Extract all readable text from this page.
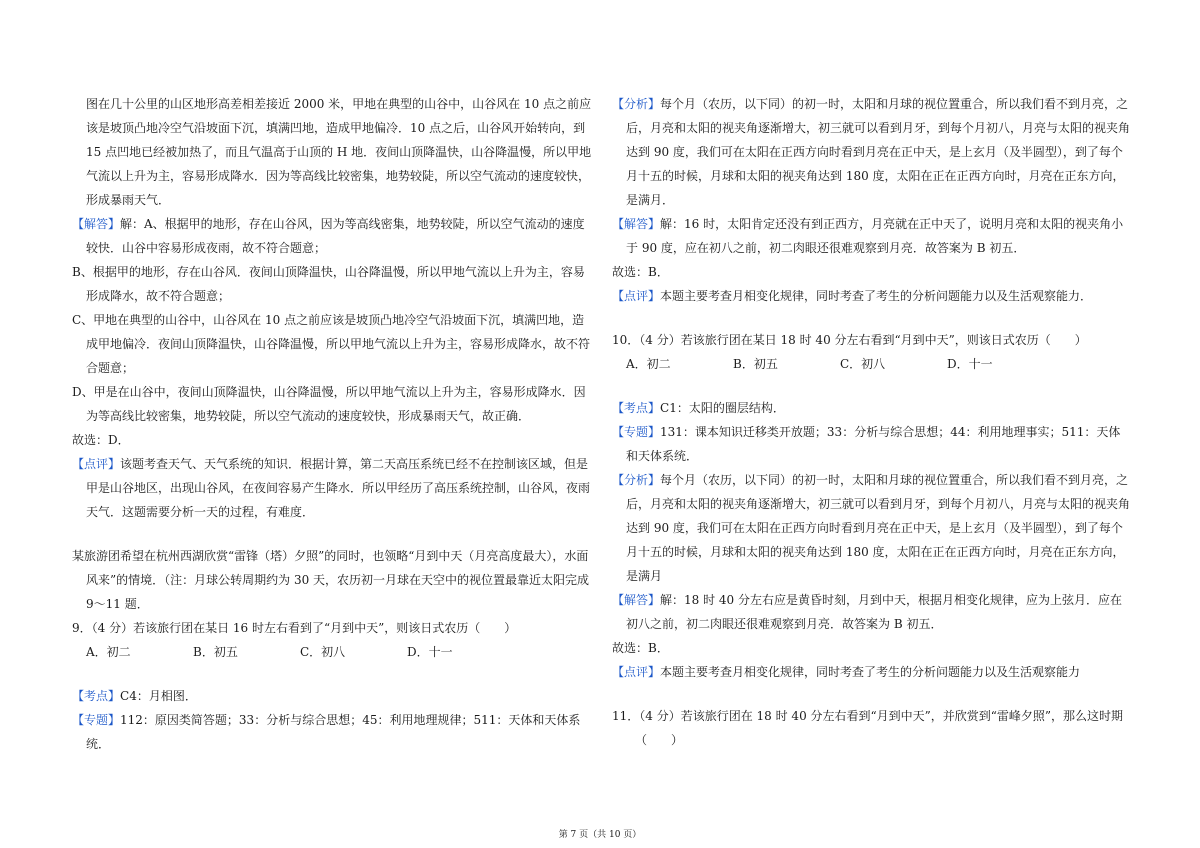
图在几十公里的山区地形高差相差接近 2000 米，甲地在典型的山谷中，山谷风在 10 点之前应该是坡顶凸地冷空气沿坡面下沉，填满凹地，造成甲地偏冷．10 点之后，山谷风开始转向，到 15 点凹地已经被加热了，而且气温高于山顶的 H 地．夜间山顶降温快，山谷降温慢，所以甲地气流以上升为主，容易形成降水．因为等高线比较密集，地势较陡，所以空气流动的速度较快，形成暴雨天气．

【解答】解：A、根据甲的地形，存在山谷风，因为等高线密集，地势较陡，所以空气流动的速度较快．山谷中容易形成夜雨，故不符合题意；

B、根据甲的地形，存在山谷风．夜间山顶降温快，山谷降温慢，所以甲地气流以上升为主，容易形成降水，故不符合题意；

C、甲地在典型的山谷中，山谷风在 10 点之前应该是坡顶凸地冷空气沿坡面下沉，填满凹地，造成甲地偏冷．夜间山顶降温快，山谷降温慢，所以甲地气流以上升为主，容易形成降水，故不符合题意；

D、甲是在山谷中，夜间山顶降温快，山谷降温慢，所以甲地气流以上升为主，容易形成降水．因为等高线比较密集，地势较陡，所以空气流动的速度较快，形成暴雨天气，故正确．

故选：D．

【点评】该题考查天气、天气系统的知识．根据计算，第二天高压系统已经不在控制该区域，但是甲是山谷地区，出现山谷风，在夜间容易产生降水．所以甲经历了高压系统控制，山谷风，夜雨天气．这题需要分析一天的过程，有难度．

某旅游团希望在杭州西湖欣赏“雷锋（塔）夕照”的同时，也领略“月到中天（月亮高度最大），水面风来”的情境．（注：月球公转周期约为 30 天，农历初一月球在天空中的视位置最靠近太阳完成 9～11 题．

9．（4 分）若该旅行团在某日 16 时左右看到了“月到中天”，则该日式农历（　　）

A．初二	B．初五	C．初八	D．十一

【考点】C4：月相图．

【专题】112：原因类简答题；33：分析与综合思想；45：利用地理规律；511：天体和天体系统．

【分析】每个月（农历，以下同）的初一时，太阳和月球的视位置重合，所以我们看不到月亮，之后，月亮和太阳的视夹角逐渐增大，初三就可以看到月牙，到每个月初八，月亮与太阳的视夹角达到 90 度，我们可在太阳在正西方向时看到月亮在正中天，是上玄月（及半圆型），到了每个月十五的时候，月球和太阳的视夹角达到 180 度，太阳在正在正西方向时，月亮在正东方向，是满月．

【解答】解：16 时，太阳肯定还没有到正西方，月亮就在正中天了，说明月亮和太阳的视夹角小于 90 度，应在初八之前，初二肉眼还很难观察到月亮．故答案为 B 初五．

故选：B．

【点评】本题主要考查月相变化规律，同时考查了考生的分析问题能力以及生活观察能力．

10．（4 分）若该旅行团在某日 18 时 40 分左右看到“月到中天”，则该日式农历（　　）

A．初二	B．初五	C．初八	D．十一

【考点】C1：太阳的圈层结构．

【专题】131：课本知识迁移类开放题；33：分析与综合思想；44：利用地理事实；511：天体和天体系统．

【分析】每个月（农历，以下同）的初一时，太阳和月球的视位置重合，所以我们看不到月亮，之后，月亮和太阳的视夹角逐渐增大，初三就可以看到月牙，到每个月初八，月亮与太阳的视夹角达到 90 度，我们可在太阳在正西方向时看到月亮在正中天，是上玄月（及半圆型），到了每个月十五的时候，月球和太阳的视夹角达到 180 度，太阳在正在正西方向时，月亮在正东方向，是满月

【解答】解：18 时 40 分左右应是黄昏时刻，月到中天，根据月相变化规律，应为上弦月．应在初八之前，初二肉眼还很难观察到月亮．故答案为 B 初五．

故选：B．

【点评】本题主要考查月相变化规律，同时考查了考生的分析问题能力以及生活观察能力

11．（4 分）若该旅行团在 18 时 40 分左右看到“月到中天”，并欣赏到“雷峰夕照”，那么这时期（　　）

第 7 页（共 10 页）
